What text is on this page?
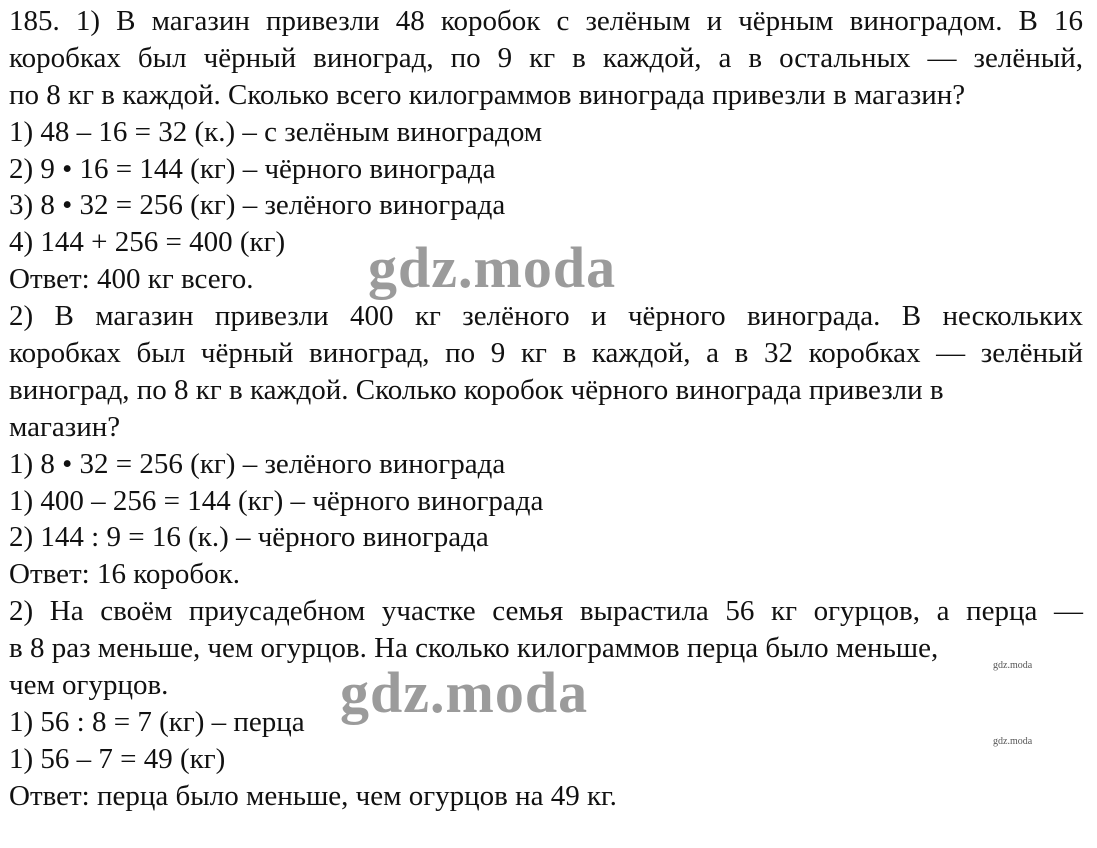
185. 1) В магазин привезли 48 коробок с зелёным и чёрным виноградом. В 16
коробках был чёрный виноград, по 9 кг в каждой, а в остальных — зелёный,
по 8 кг в каждой. Сколько всего килограммов винограда привезли в магазин?
1) 48 – 16 = 32 (к.) – с зелёным виноградом
2) 9 • 16 = 144 (кг) – чёрного винограда
3) 8 • 32 = 256 (кг) – зелёного винограда
4) 144 + 256 = 400 (кг)
Ответ: 400 кг всего.
2) В магазин привезли 400 кг зелёного и чёрного винограда. В нескольких
коробках был чёрный виноград, по 9 кг в каждой, а в 32 коробках — зелёный
виноград, по 8 кг в каждой. Сколько коробок чёрного винограда привезли в
магазин?
1) 8 • 32 = 256 (кг) – зелёного винограда
1) 400 – 256 = 144 (кг) – чёрного винограда
2) 144 : 9 = 16 (к.) – чёрного винограда
Ответ: 16 коробок.
2) На своём приусадебном участке семья вырастила 56 кг огурцов, а перца —
в 8 раз меньше, чем огурцов. На сколько килограммов перца было меньше,
чем огурцов.
1) 56 : 8 = 7 (кг) – перца
1) 56 – 7 = 49 (кг)
Ответ: перца было меньше, чем огурцов на 49 кг.
gdz.moda
gdz.moda	gdz.moda
gdz.moda
